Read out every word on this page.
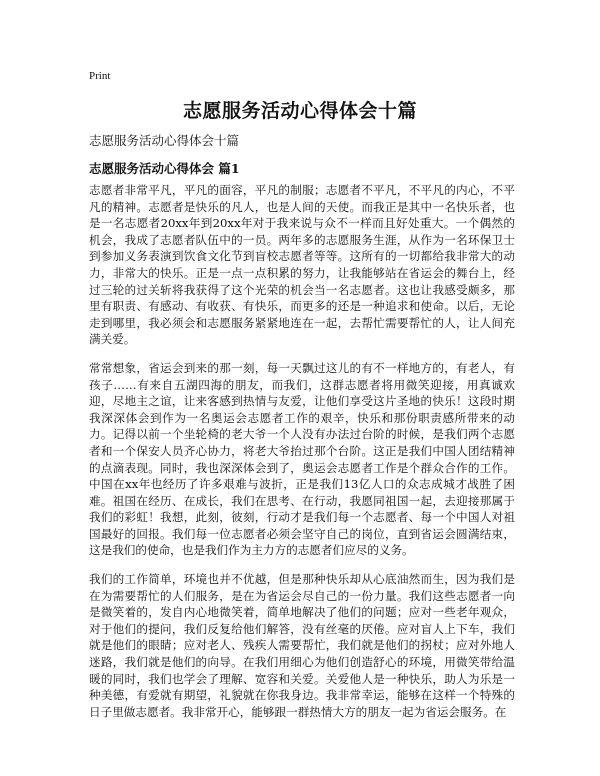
Print
志愿服务活动心得体会十篇
志愿服务活动心得体会十篇
志愿服务活动心得体会 篇1

志愿者非常平凡，平凡的面容，平凡的制服；志愿者不平凡，不平凡的内心，不平凡的精神。志愿者是快乐的凡人，也是人间的天使。而我正是其中一名快乐者，也是一名志愿者20xx年到20xx年对于我来说与众不一样而且好处重大。一个偶然的机会，我成了志愿者队伍中的一员。两年多的志愿服务生涯，从作为一名环保卫士到参加义务表演到饮食文化节到盲校志愿者等等。这所有的一切都给我非常大的动力，非常大的快乐。正是一点一点积累的努力，让我能够站在省运会的舞台上，经过三轮的过关斩将我获得了这个光荣的机会当一名志愿者。这也让我感受颇多，那里有职责、有感动、有收获、有快乐，而更多的还是一种追求和使命。以后，无论走到哪里，我必须会和志愿服务紧紧地连在一起，去帮忙需要帮忙的人，让人间充满关爱。

常常想象，省运会到来的那一刻，每一天飘过这儿的有不一样地方的，有老人，有孩子……有来自五湖四海的朋友，而我们，这群志愿者将用微笑迎接，用真诚欢迎，尽地主之谊，让来客感到热情与友爱，让他们享受这片圣地的快乐！这段时期我深深体会到作为一名奥运会志愿者工作的艰辛，快乐和那份职责感所带来的动力。记得以前一个坐轮椅的老大爷一个人没有办法过台阶的时候，是我们两个志愿者和一个保安人员齐心协力，将老大爷抬过那个台阶。这正是我们中国人团结精神的点滴表现。同时，我也深深体会到了，奥运会志愿者工作是个群众合作的工作。中国在xx年也经历了许多艰难与波折，正是我们13亿人口的众志成城才战胜了困难。祖国在经历、在成长，我们在思考、在行动，我愿同祖国一起，去迎接那属于我们的彩虹！我想，此刻，彼刻，行动才是我们每一个志愿者、每一个中国人对祖国最好的回报。我们每一位志愿者必须会坚守自己的岗位，直到省运会圆满结束，这是我们的使命，也是我们作为主力方的志愿者们应尽的义务。

我们的工作简单，环境也并不优越，但是那种快乐却从心底油然而生，因为我们是在为需要帮忙的人们服务，是在为省运会尽自己的一份力量。我们这些志愿者一向是微笑着的，发自内心地微笑着，简单地解决了他们的问题；应对一些老年观众，对于他们的提问，我们反复给他们解答，没有丝毫的厌倦。应对盲人上下车，我们就是他们的眼睛；应对老人、残疾人需要帮忙，我们就是他们的拐杖；应对外地人迷路，我们就是他们的向导。在我们用细心为他们创造舒心的环境，用微笑带给温暖的同时，我们也学会了理解、宽容和关爱。关爱他人是一种快乐，助人为乐是一种美德，有爱就有期望，礼貌就在你我身边。我非常幸运，能够在这样一个特殊的日子里做志愿者。我非常开心，能够跟一群热情大方的朋友一起为省运会服务。在
